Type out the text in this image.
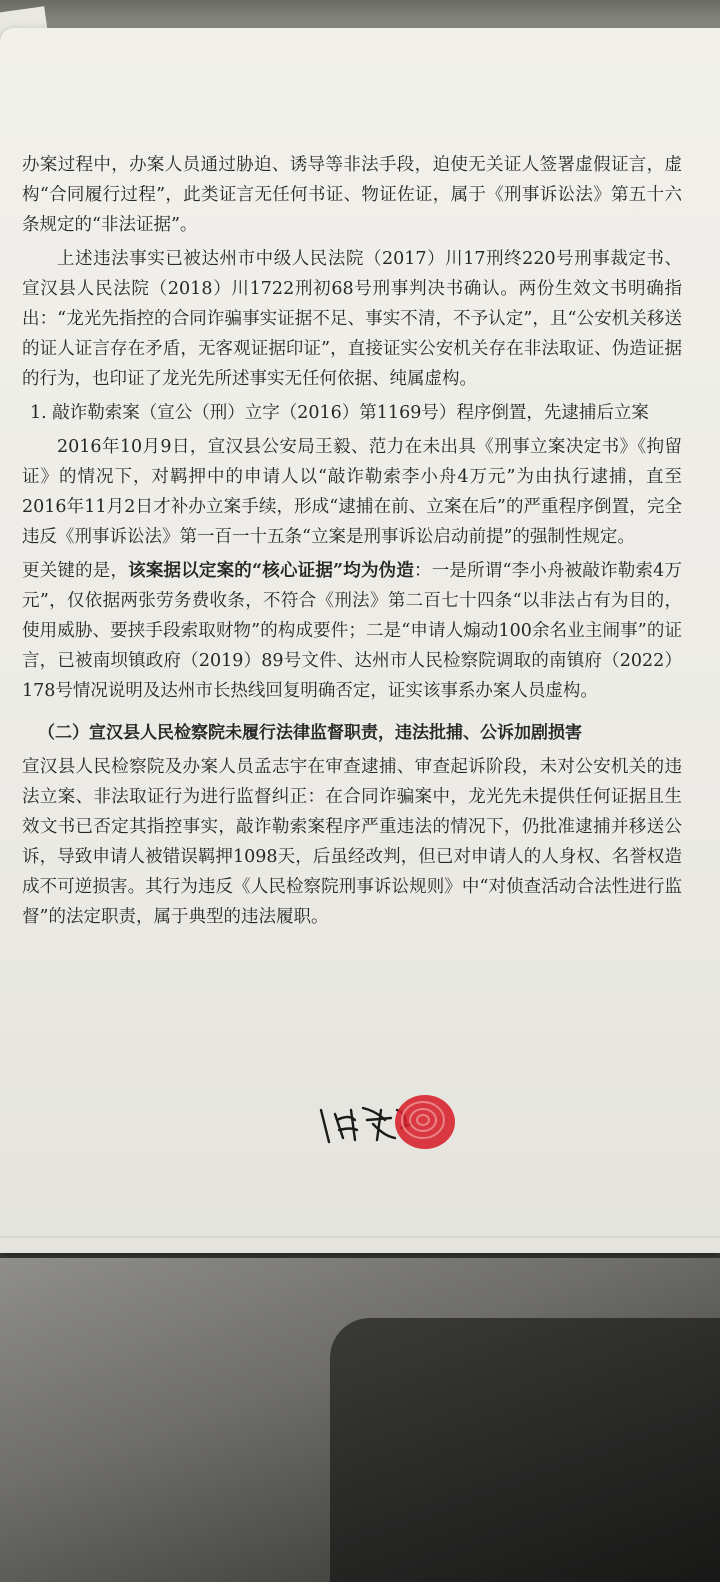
办案过程中，办案人员通过胁迫、诱导等非法手段，迫使无关证人签署虚假证言，虚构“合同履行过程”，此类证言无任何书证、物证佐证，属于《刑事诉讼法》第五十六条规定的“非法证据”。

上述违法事实已被达州市中级人民法院（2017）川17刑终220号刑事裁定书、宣汉县人民法院（2018）川1722刑初68号刑事判决书确认。两份生效文书明确指出：“龙光先指控的合同诈骗事实证据不足、事实不清，不予认定”，且“公安机关移送的证人证言存在矛盾，无客观证据印证”，直接证实公安机关存在非法取证、伪造证据的行为，也印证了龙光先所述事实无任何依据、纯属虚构。

1. 敲诈勒索案（宣公（刑）立字（2016）第1169号）程序倒置，先逮捕后立案

2016年10月9日，宣汉县公安局王毅、范力在未出具《刑事立案决定书》《拘留证》的情况下，对羁押中的申请人以“敲诈勒索李小舟4万元”为由执行逮捕，直至2016年11月2日才补办立案手续，形成“逮捕在前、立案在后”的严重程序倒置，完全违反《刑事诉讼法》第一百一十五条“立案是刑事诉讼启动前提”的强制性规定。

更关键的是，该案据以定案的“核心证据”均为伪造：一是所谓“李小舟被敲诈勒索4万元”，仅依据两张劳务费收条，不符合《刑法》第二百七十四条“以非法占有为目的，使用威胁、要挟手段索取财物”的构成要件；二是“申请人煽动100余名业主闹事”的证言，已被南坝镇政府（2019）89号文件、达州市人民检察院调取的南镇府（2022）178号情况说明及达州市长热线回复明确否定，证实该事系办案人员虚构。

（二）宣汉县人民检察院未履行法律监督职责，违法批捕、公诉加剧损害

宣汉县人民检察院及办案人员孟志宇在审查逮捕、审查起诉阶段，未对公安机关的违法立案、非法取证行为进行监督纠正：在合同诈骗案中，龙光先未提供任何证据且生效文书已否定其指控事实，敲诈勒索案程序严重违法的情况下，仍批准逮捕并移送公诉，导致申请人被错误羁押1098天，后虽经改判，但已对申请人的人身权、名誉权造成不可逆损害。其行为违反《人民检察院刑事诉讼规则》中“对侦查活动合法性进行监督”的法定职责，属于典型的违法履职。
